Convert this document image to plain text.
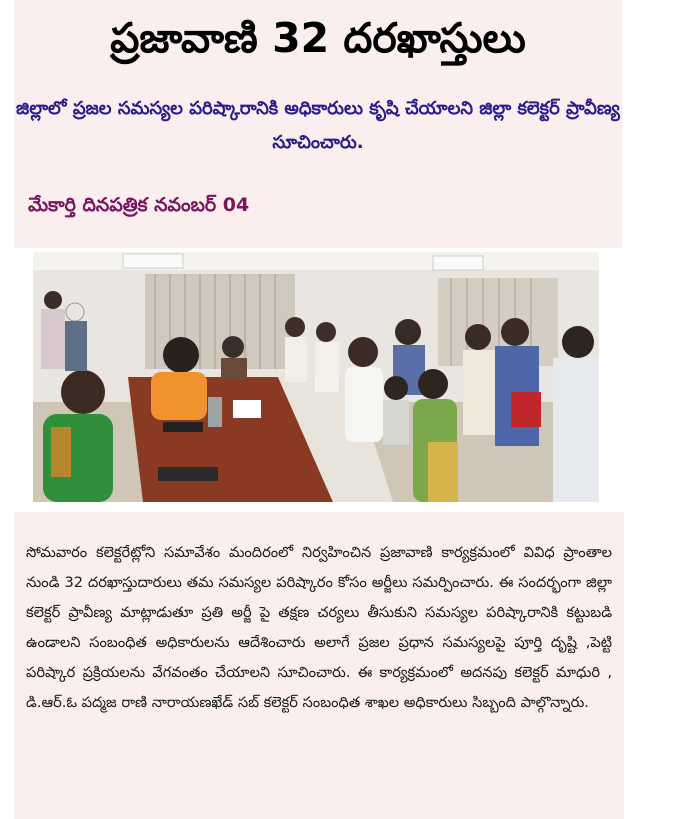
ప్రజావాణి 32 దరఖాస్తులు
జిల్లాలో ప్రజల సమస్యల పరిష్కారానికి అధికారులు కృషి చేయాలని జిల్లా కలెక్టర్ ప్రావీణ్య సూచించారు.
మేకార్తి దినపత్రిక నవంబర్ 04
సోమవారం కలెక్టరేట్లోని సమావేశం మందిరంలో నిర్వహించిన ప్రజావాణి కార్యక్రమంలో వివిధ ప్రాంతాల నుండి 32 దరఖాస్తుదారులు తమ సమస్యల పరిష్కారం కోసం అర్జీలు సమర్పించారు. ఈ సందర్భంగా జిల్లా కలెక్టర్ ప్రావీణ్య మాట్లాడుతూ ప్రతి అర్జీ పై తక్షణ చర్యలు తీసుకుని సమస్యల పరిష్కారానికి కట్టుబడి ఉండాలని సంబంధిత అధికారులను ఆదేశించారు అలాగే ప్రజల ప్రధాన సమస్యలపై పూర్తి దృష్టి ,పెట్టి పరిష్కార ప్రక్రియలను వేగవంతం చేయాలని సూచించారు. ఈ కార్యక్రమంలో అదనపు కలెక్టర్ మాధురి , డి.ఆర్.ఓ పద్మజ రాణి నారాయణఖేడ్ సబ్ కలెక్టర్ సంబంధిత శాఖల అధికారులు సిబ్బంది పాల్గొన్నారు.
